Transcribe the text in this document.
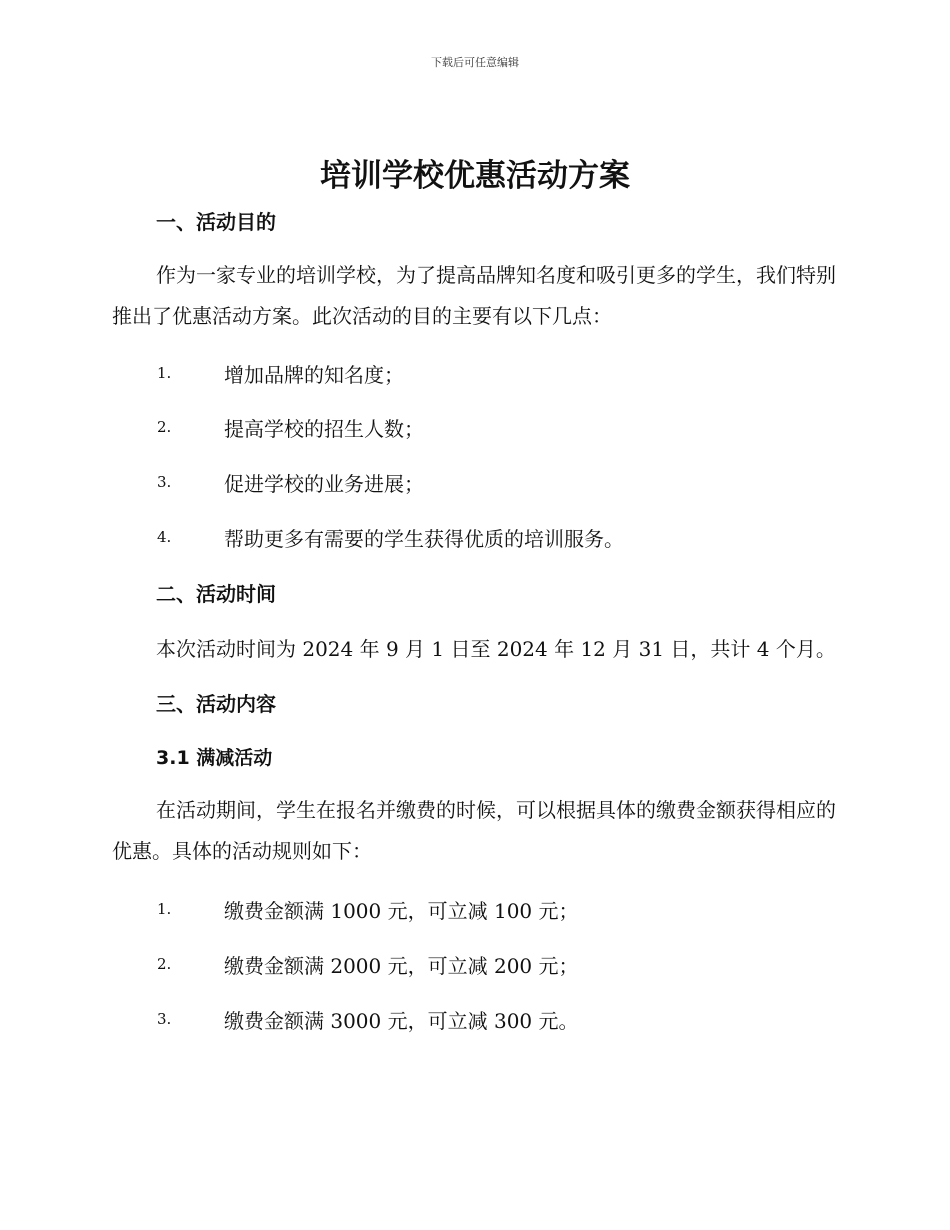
下载后可任意编辑
培训学校优惠活动方案
一、活动目的
作为一家专业的培训学校，为了提高品牌知名度和吸引更多的学生，我们特别推出了优惠活动方案。此次活动的目的主要有以下几点：
1.	增加品牌的知名度；
2.	提高学校的招生人数；
3.	促进学校的业务进展；
4.	帮助更多有需要的学生获得优质的培训服务。
二、活动时间
本次活动时间为 2024 年 9 月 1 日至 2024 年 12 月 31 日，共计 4 个月。
三、活动内容
3.1 满减活动
在活动期间，学生在报名并缴费的时候，可以根据具体的缴费金额获得相应的优惠。具体的活动规则如下：
1.	缴费金额满 1000 元，可立减 100 元；
2.	缴费金额满 2000 元，可立减 200 元；
3.	缴费金额满 3000 元，可立减 300 元。
